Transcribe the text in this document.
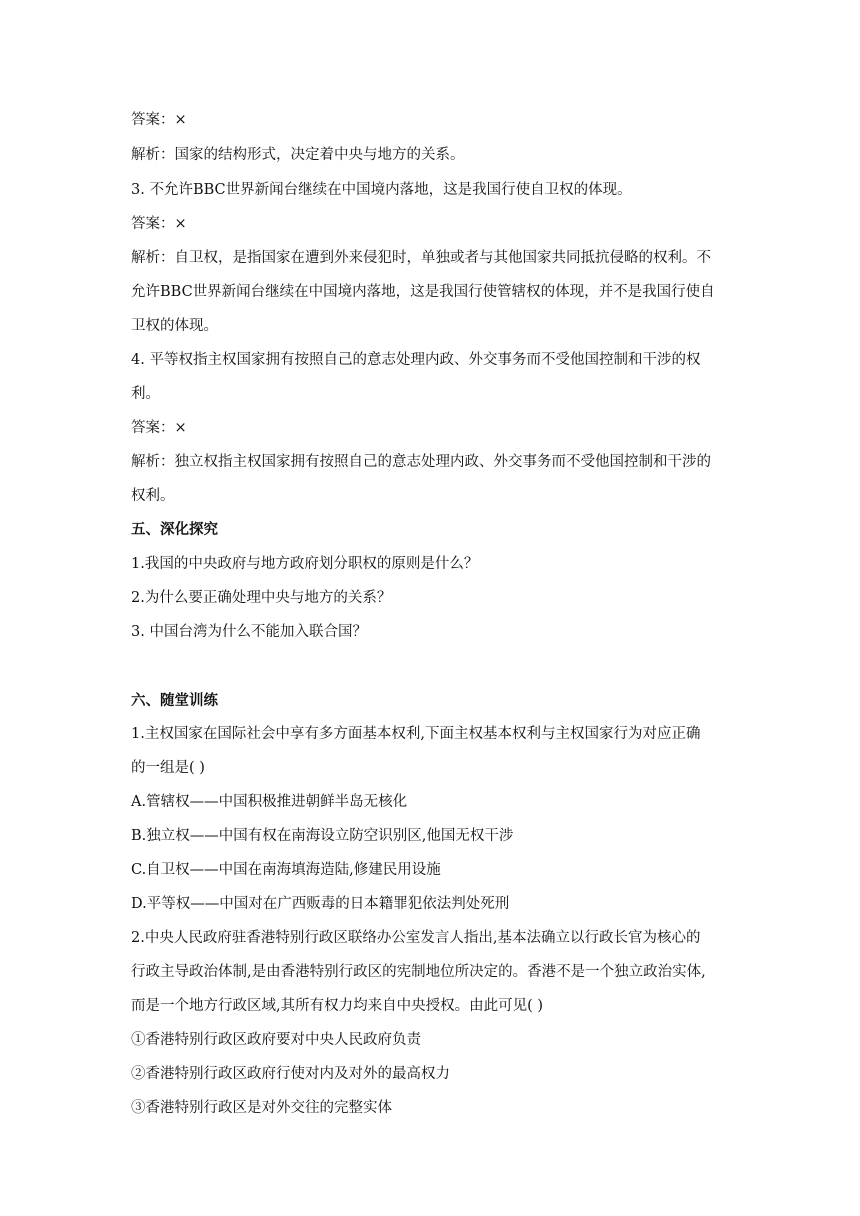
答案：×
解析：国家的结构形式，决定着中央与地方的关系。
3. 不允许BBC世界新闻台继续在中国境内落地，这是我国行使自卫权的体现。
答案：×
解析：自卫权，是指国家在遭到外来侵犯时，单独或者与其他国家共同抵抗侵略的权利。不
允许BBC世界新闻台继续在中国境内落地，这是我国行使管辖权的体现，并不是我国行使自
卫权的体现。
4. 平等权指主权国家拥有按照自己的意志处理内政、外交事务而不受他国控制和干涉的权
利。
答案：×
解析：独立权指主权国家拥有按照自己的意志处理内政、外交事务而不受他国控制和干涉的
权利。
五、深化探究
1.我国的中央政府与地方政府划分职权的原则是什么？
2.为什么要正确处理中央与地方的关系？
3. 中国台湾为什么不能加入联合国？
六、随堂训练
1.主权国家在国际社会中享有多方面基本权利,下面主权基本权利与主权国家行为对应正确
的一组是( )
A.管辖权——中国积极推进朝鲜半岛无核化
B.独立权——中国有权在南海设立防空识别区,他国无权干涉
C.自卫权——中国在南海填海造陆,修建民用设施
D.平等权——中国对在广西贩毒的日本籍罪犯依法判处死刑
2.中央人民政府驻香港特别行政区联络办公室发言人指出,基本法确立以行政长官为核心的
行政主导政治体制,是由香港特别行政区的宪制地位所决定的。香港不是一个独立政治实体,
而是一个地方行政区域,其所有权力均来自中央授权。由此可见( )
①香港特别行政区政府要对中央人民政府负责
②香港特别行政区政府行使对内及对外的最高权力
③香港特别行政区是对外交往的完整实体
